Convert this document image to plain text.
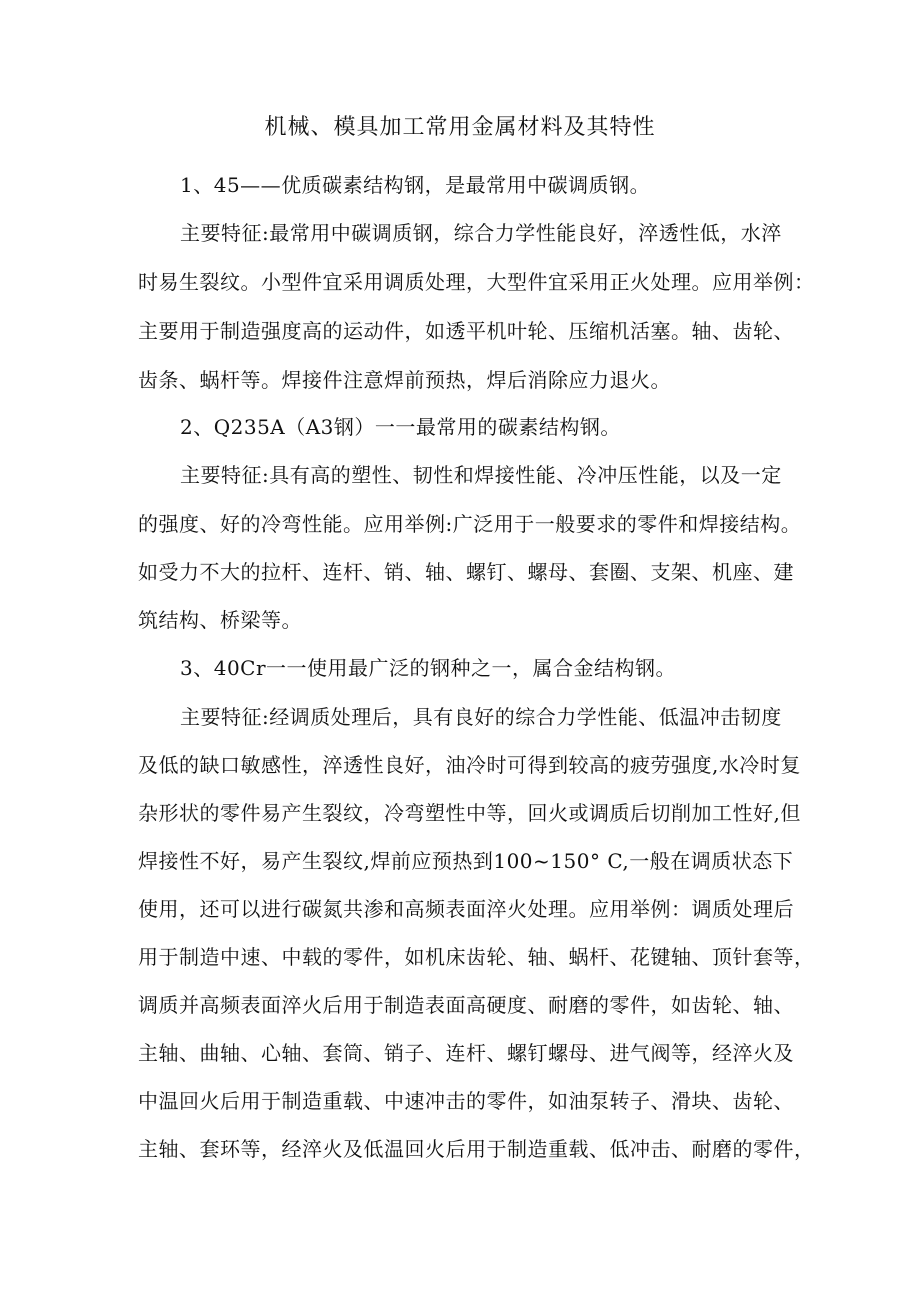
机械、模具加工常用金属材料及其特性
1、45——优质碳素结构钢，是最常用中碳调质钢。
主要特征:最常用中碳调质钢，综合力学性能良好，淬透性低，水淬
时易生裂纹。小型件宜采用调质处理，大型件宜采用正火处理。应用举例：
主要用于制造强度高的运动件，如透平机叶轮、压缩机活塞。轴、齿轮、
齿条、蜗杆等。焊接件注意焊前预热，焊后消除应力退火。
2、Q235A（A3钢）一一最常用的碳素结构钢。
主要特征:具有高的塑性、韧性和焊接性能、冷冲压性能，以及一定
的强度、好的冷弯性能。应用举例:广泛用于一般要求的零件和焊接结构。
如受力不大的拉杆、连杆、销、轴、螺钉、螺母、套圈、支架、机座、建
筑结构、桥梁等。
3、40Cr一一使用最广泛的钢种之一，属合金结构钢。
主要特征:经调质处理后，具有良好的综合力学性能、低温冲击韧度
及低的缺口敏感性，淬透性良好，油冷时可得到较高的疲劳强度,水冷时复
杂形状的零件易产生裂纹，冷弯塑性中等，回火或调质后切削加工性好,但
焊接性不好，易产生裂纹,焊前应预热到100~150° C,一般在调质状态下
使用，还可以进行碳氮共渗和高频表面淬火处理。应用举例：调质处理后
用于制造中速、中载的零件，如机床齿轮、轴、蜗杆、花键轴、顶针套等，
调质并高频表面淬火后用于制造表面高硬度、耐磨的零件，如齿轮、轴、
主轴、曲轴、心轴、套筒、销子、连杆、螺钉螺母、进气阀等，经淬火及
中温回火后用于制造重载、中速冲击的零件，如油泵转子、滑块、齿轮、
主轴、套环等，经淬火及低温回火后用于制造重载、低冲击、耐磨的零件，
